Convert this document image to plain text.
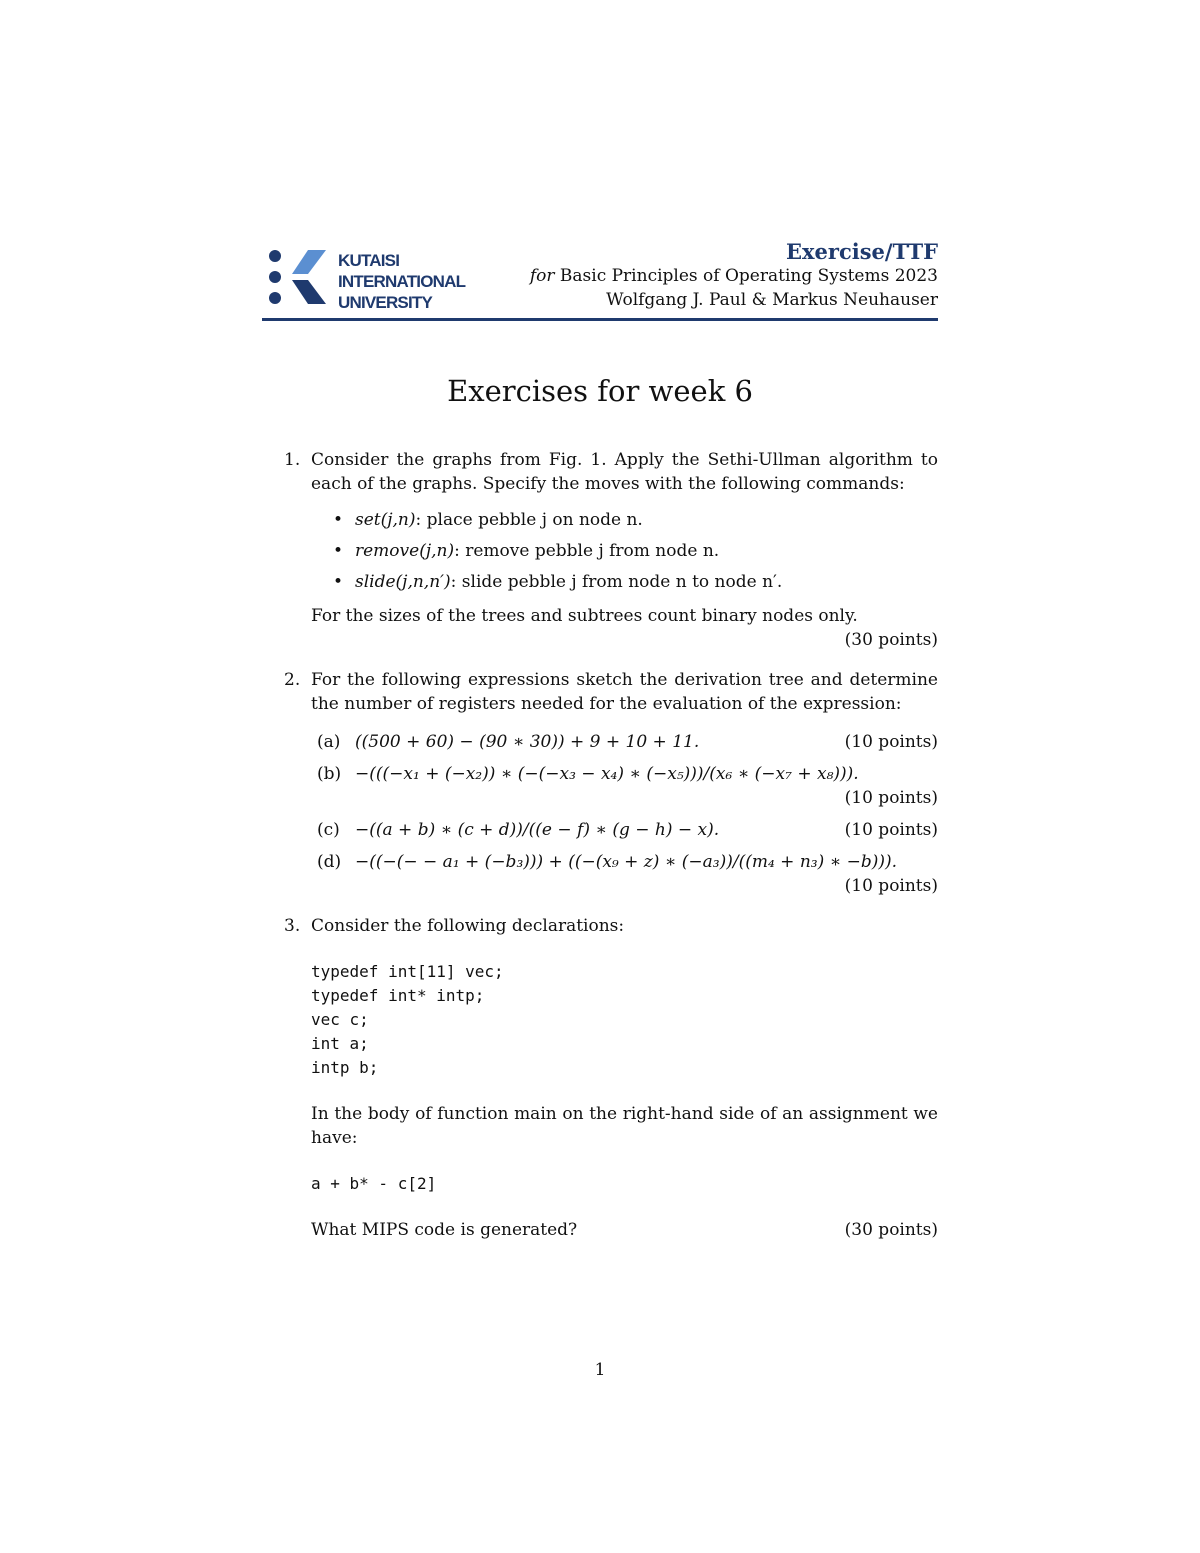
KUTAISI
INTERNATIONAL
UNIVERSITY
Exercise/TTF
for Basic Principles of Operating Systems 2023
Wolfgang J. Paul & Markus Neuhauser
Exercises for week 6
1. Consider the graphs from Fig. 1. Apply the Sethi-Ullman algorithm to each of the graphs. Specify the moves with the following commands:
• set(j,n): place pebble j on node n.
• remove(j,n): remove pebble j from node n.
• slide(j,n,n′): slide pebble j from node n to node n′.
For the sizes of the trees and subtrees count binary nodes only.
(30 points)
2. For the following expressions sketch the derivation tree and determine the number of registers needed for the evaluation of the expression:
(a) ((500 + 60) − (90 ∗ 30)) + 9 + 10 + 11.	(10 points)
(b) −(((−x₁ + (−x₂)) ∗ (−(−x₃ − x₄) ∗ (−x₅)))/(x₆ ∗ (−x₇ + x₈))).
(10 points)
(c) −((a + b) ∗ (c + d))/((e − f) ∗ (g − h) − x).	(10 points)
(d) −((−(− − a₁ + (−b₃))) + ((−(x₉ + z) ∗ (−a₃))/((m₄ + n₃) ∗ −b))).
(10 points)
3. Consider the following declarations:
typedef int[11] vec;
typedef int* intp;
vec c;
int a;
intp b;
In the body of function main on the right-hand side of an assignment we have:
a + b* - c[2]
What MIPS code is generated?	(30 points)
1
